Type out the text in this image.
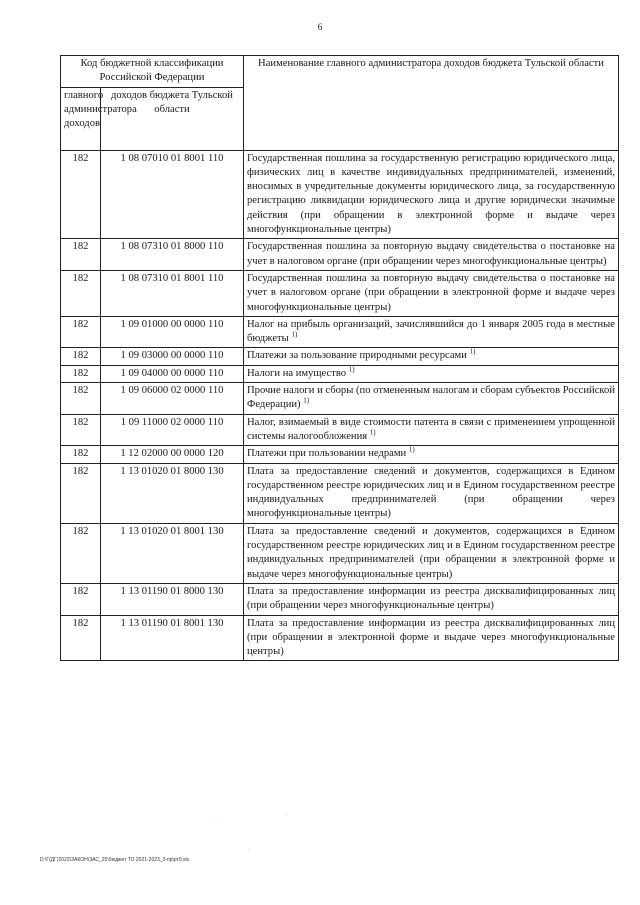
6
Код бюджетной классификации Российской Федерации		Наименование главного администратора доходов бюджета Тульской области
главного администратора доходов	доходов бюджета Тульской области	
182	1 08 07010 01 8001 110	Государственная пошлина за государственную регистрацию юридического лица, физических лиц в качестве индивидуальных предпринимателей, изменений, вносимых в учредительные документы юридического лица, за государственную регистрацию ликвидации юридического лица и другие юридически значимые действия (при обращении в электронной форме и выдаче через многофункциональные центры)
182	1 08 07310 01 8000 110	Государственная пошлина за повторную выдачу свидетельства о постановке на учет в налоговом органе (при обращении через многофункциональные центры)
182	1 08 07310 01 8001 110	Государственная пошлина за повторную выдачу свидетельства о постановке на учет в налоговом органе (при обращении в электронной форме и выдаче через многофункциональные центры)
182	1 09 01000 00 0000 110	Налог на прибыль организаций, зачислявшийся до 1 января 2005 года в местные бюджеты $^{1)}$
182	1 09 03000 00 0000 110	Платежи за пользование природными ресурсами $^{1)}$
182	1 09 04000 00 0000 110	Налоги на имущество $^{1)}$
182	1 09 06000 02 0000 110	Прочие налоги и сборы (по отмененным налогам и сборам субъектов Российской Федерации) $^{1)}$
182	1 09 11000 02 0000 110	Налог, взимаемый в виде стоимости патента в связи с применением упрощенной системы налогообложения $^{1)}$
182	1 12 02000 00 0000 120	Платежи при пользовании недрами $^{1)}$
182	1 13 01020 01 8000 130	Плата за предоставление сведений и документов, содержащихся в Едином государственном реестре юридических лиц и в Едином государственном реестре индивидуальных предпринимателей (при обращении через многофункциональные центры)
182	1 13 01020 01 8001 130	Плата за предоставление сведений и документов, содержащихся в Едином государственном реестре юридических лиц и в Едином государственном реестре индивидуальных предпринимателей (при обращении в электронной форме и выдаче через многофункциональные центры)
182	1 13 01190 01 8000 130	Плата за предоставление информации из реестра дисквалифицированных лиц (при обращении через многофункциональные центры)
182	1 13 01190 01 8001 130	Плата за предоставление информации из реестра дисквалифицированных лиц (при обращении в электронной форме и выдаче через многофункциональные центры)
·
·
·
D:\Г(ДГ)2022\ЗАКОН\ЗАС_25\бюджет ТО 2021-2023_3-пр\рт9.xls
